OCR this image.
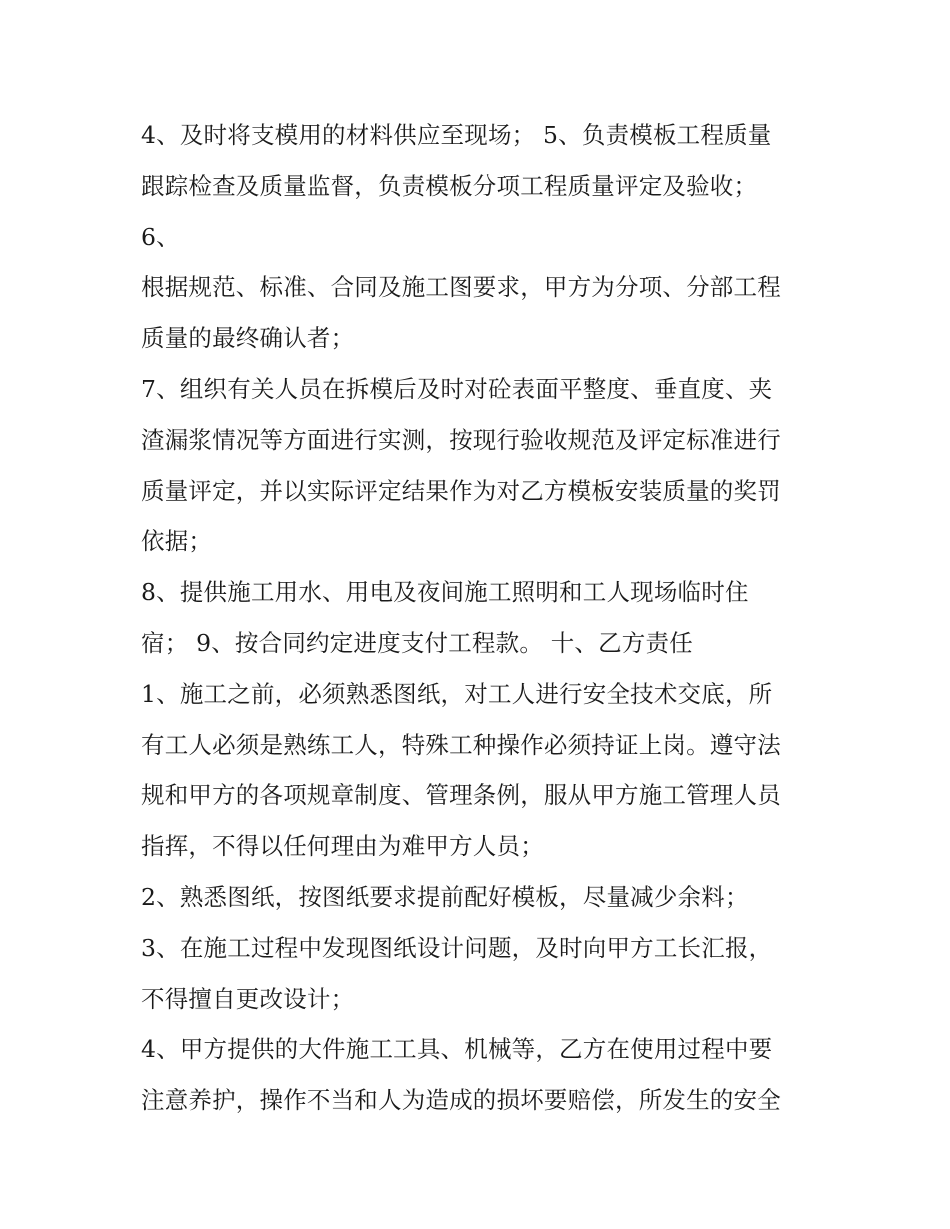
4、及时将支模用的材料供应至现场； 5、负责模板工程质量
跟踪检查及质量监督，负责模板分项工程质量评定及验收；
6、
根据规范、标准、合同及施工图要求，甲方为分项、分部工程
质量的最终确认者；
7、组织有关人员在拆模后及时对砼表面平整度、垂直度、夹
渣漏浆情况等方面进行实测，按现行验收规范及评定标准进行
质量评定，并以实际评定结果作为对乙方模板安装质量的奖罚
依据；
8、提供施工用水、用电及夜间施工照明和工人现场临时住
宿； 9、按合同约定进度支付工程款。 十、乙方责任
1、施工之前，必须熟悉图纸，对工人进行安全技术交底，所
有工人必须是熟练工人，特殊工种操作必须持证上岗。遵守法
规和甲方的各项规章制度、管理条例，服从甲方施工管理人员
指挥，不得以任何理由为难甲方人员；
2、熟悉图纸，按图纸要求提前配好模板，尽量减少余料；
3、在施工过程中发现图纸设计问题，及时向甲方工长汇报，
不得擅自更改设计；
4、甲方提供的大件施工工具、机械等，乙方在使用过程中要
注意养护，操作不当和人为造成的损坏要赔偿，所发生的安全
